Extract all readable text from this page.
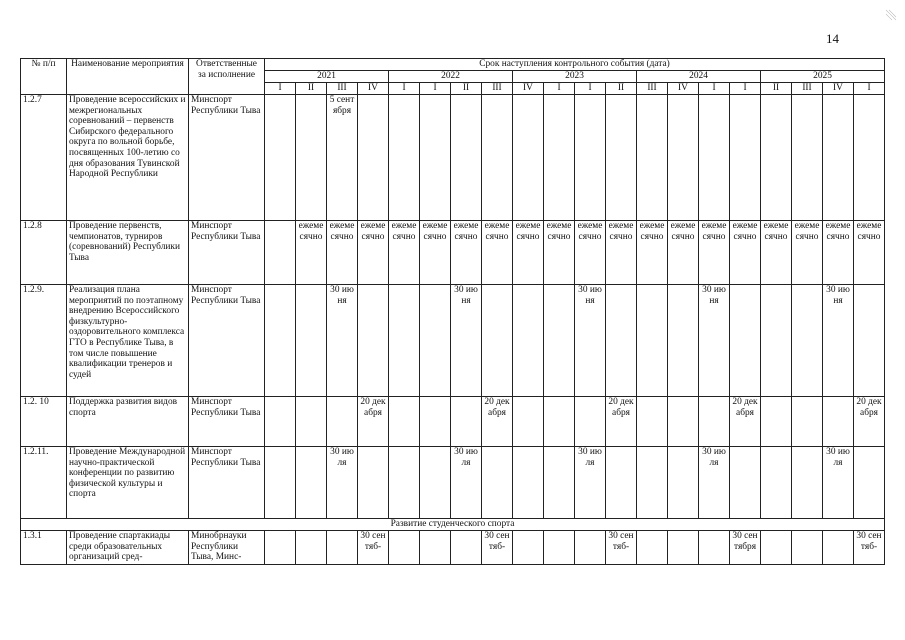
14
№ п/п	Наименование мероприятия	Ответственные за исполнение	Срок наступления контрольного события (дата)																			
			2021				2022				2023				2024				2025			
			I	II	III	IV	I	I	II	III	IV	I	I	II	III	IV	I	I	II	III	IV	I
1.2.7	Проведение всероссийских и межрегиональных соревнований – первенств Сибирского федерального округа по вольной борьбе, посвященных 100-летию со дня образования Тувинской Народной Республики	Минспорт Республики Тыва			5 сентября																	
1.2.8	Проведение первенств, чемпионатов, турниров (соревнований) Республики Тыва	Минспорт Республики Тыва		ежемесячно	ежемесячно	ежемесячно	ежемесячно	ежемесячно	ежемесячно	ежемесячно	ежемесячно	ежемесячно	ежемесячно	ежемесячно	ежемесячно	ежемесячно	ежемесячно	ежемесячно	ежемесячно	ежемесячно	ежемесячно	ежемесячно
1.2.9.	Реализация плана мероприятий по поэтапному внедрению Всероссийского физкультурно-оздоровительного комплекса ГТО в Республике Тыва, в том числе повышение квалификации тренеров и судей	Минспорт Республики Тыва			30 июня				30 июня				30 июня				30 июня				30 июня	
1.2. 10	Поддержка развития видов спорта	Минспорт Республики Тыва				20 декабря				20 декабря				20 декабря				20 декабря				20 декабря
1.2.11.	Проведение Международной научно-практической конференции по развитию физической культуры и спорта	Минспорт Республики Тыва			30 июля				30 июля				30 июля				30 июля				30 июля	
Развитие студенческого спорта																						
1.3.1	Проведение спартакиады среди образовательных организаций сред-	Минобрнауки Республики Тыва, Минс-				30 сентяб-				30 сентяб-				30 сентяб-				30 сентября				30 сентяб-
